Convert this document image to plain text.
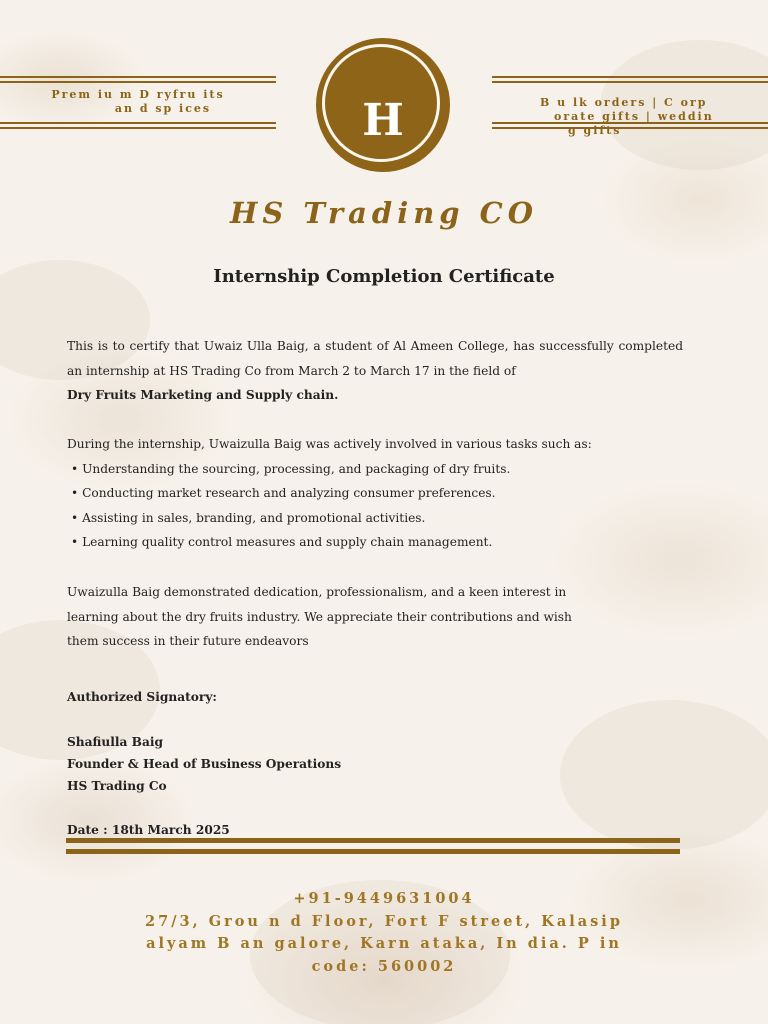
Prem iu m D ryfru its
an d sp ices	B u lk orders | C orp
orate gifts | weddin
g gifts
H
HS Trading CO
Internship Completion Certificate
This is to certify that Uwaiz Ulla Baig, a student of Al Ameen College, has successfully completed an internship at HS Trading Co from March 2 to March 17 in the field of
Dry Fruits Marketing and Supply chain.
During the internship, Uwaizulla Baig was actively involved in various tasks such as:
• Understanding the sourcing, processing, and packaging of dry fruits.
• Conducting market research and analyzing consumer preferences.
• Assisting in sales, branding, and promotional activities.
• Learning quality control measures and supply chain management.
Uwaizulla Baig demonstrated dedication, professionalism, and a keen interest in
learning about the dry fruits industry. We appreciate their contributions and wish
them success in their future endeavors
Authorized Signatory:
Shafiulla Baig
Founder & Head of Business Operations
HS Trading Co
Date : 18th March 2025
+91-9449631004
27/3, Grou n d Floor, Fort F street, Kalasip
alyam B an galore, Karn ataka, In dia. P in
code: 560002
